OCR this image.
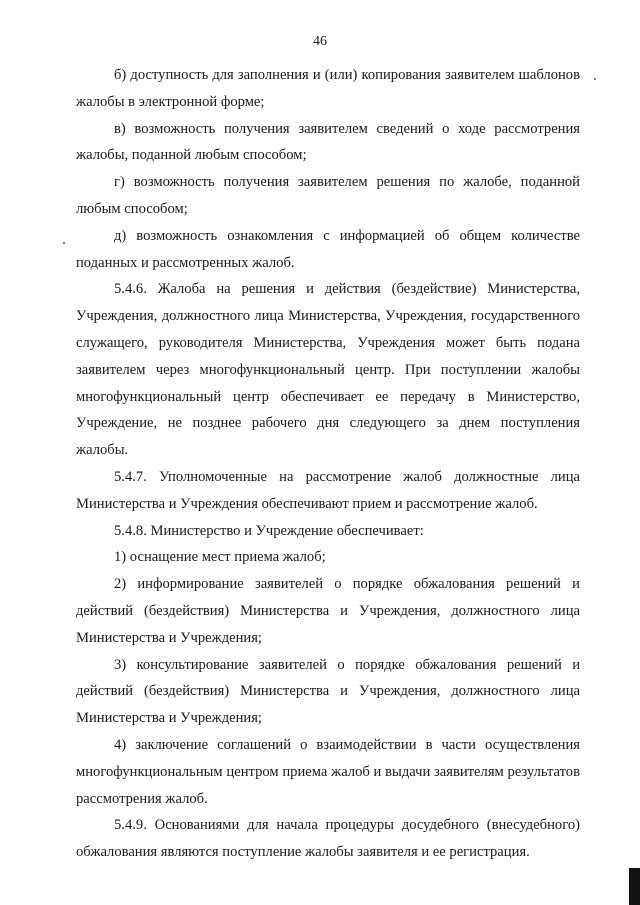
46

б) доступность для заполнения и (или) копирования заявителем шаблонов жалобы в электронной форме;

в) возможность получения заявителем сведений о ходе рассмотрения жалобы, поданной любым способом;

г) возможность получения заявителем решения по жалобе, поданной любым способом;

д) возможность ознакомления с информацией об общем количестве поданных и рассмотренных жалоб.

5.4.6. Жалоба на решения и действия (бездействие) Министерства, Учреждения, должностного лица Министерства, Учреждения, государственного служащего, руководителя Министерства, Учреждения может быть подана заявителем через многофункциональный центр. При поступлении жалобы многофункциональный центр обеспечивает ее передачу в Министерство, Учреждение, не позднее рабочего дня следующего за днем поступления жалобы.

5.4.7. Уполномоченные на рассмотрение жалоб должностные лица Министерства и Учреждения обеспечивают прием и рассмотрение жалоб.

5.4.8. Министерство и Учреждение обеспечивает:

1) оснащение мест приема жалоб;

2) информирование заявителей о порядке обжалования решений и действий (бездействия) Министерства и Учреждения, должностного лица Министерства и Учреждения;

3) консультирование заявителей о порядке обжалования решений и действий (бездействия) Министерства и Учреждения, должностного лица Министерства и Учреждения;

4) заключение соглашений о взаимодействии в части осуществления многофункциональным центром приема жалоб и выдачи заявителям результатов рассмотрения жалоб.

5.4.9. Основаниями для начала процедуры досудебного (внесудебного) обжалования являются поступление жалобы заявителя и ее регистрация.
